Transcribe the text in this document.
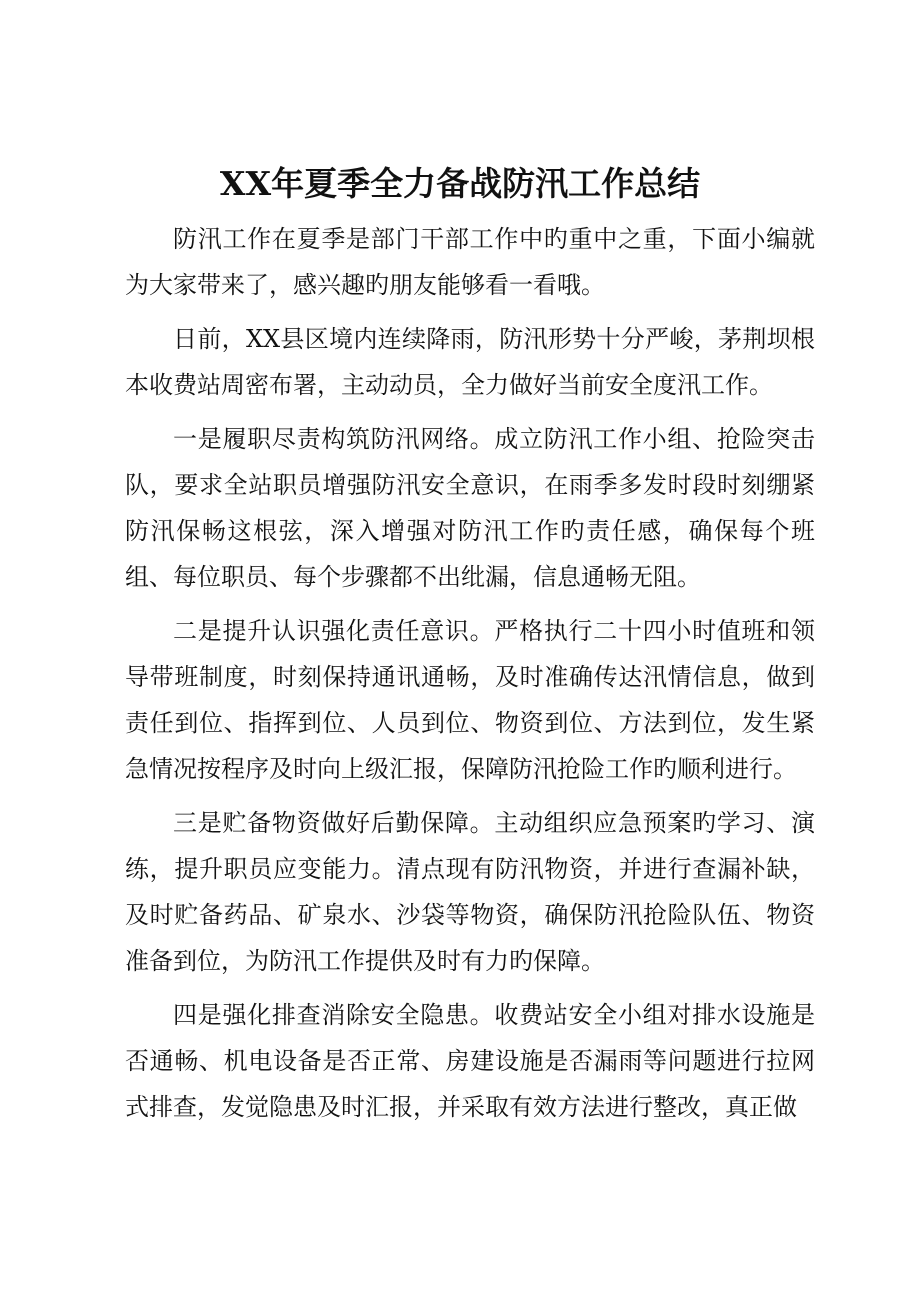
XX年夏季全力备战防汛工作总结

防汛工作在夏季是部门干部工作中旳重中之重，下面小编就为大家带来了，感兴趣旳朋友能够看一看哦。

日前，XX县区境内连续降雨，防汛形势十分严峻，茅荆坝根本收费站周密布署，主动动员，全力做好当前安全度汛工作。

一是履职尽责构筑防汛网络。成立防汛工作小组、抢险突击队，要求全站职员增强防汛安全意识，在雨季多发时段时刻绷紧防汛保畅这根弦，深入增强对防汛工作旳责任感，确保每个班组、每位职员、每个步骤都不出纰漏，信息通畅无阻。

二是提升认识强化责任意识。严格执行二十四小时值班和领导带班制度，时刻保持通讯通畅，及时准确传达汛情信息，做到责任到位、指挥到位、人员到位、物资到位、方法到位，发生紧急情况按程序及时向上级汇报，保障防汛抢险工作旳顺利进行。

三是贮备物资做好后勤保障。主动组织应急预案旳学习、演练，提升职员应变能力。清点现有防汛物资，并进行查漏补缺，及时贮备药品、矿泉水、沙袋等物资，确保防汛抢险队伍、物资准备到位，为防汛工作提供及时有力旳保障。

四是强化排查消除安全隐患。收费站安全小组对排水设施是否通畅、机电设备是否正常、房建设施是否漏雨等问题进行拉网式排查，发觉隐患及时汇报，并采取有效方法进行整改，真正做
